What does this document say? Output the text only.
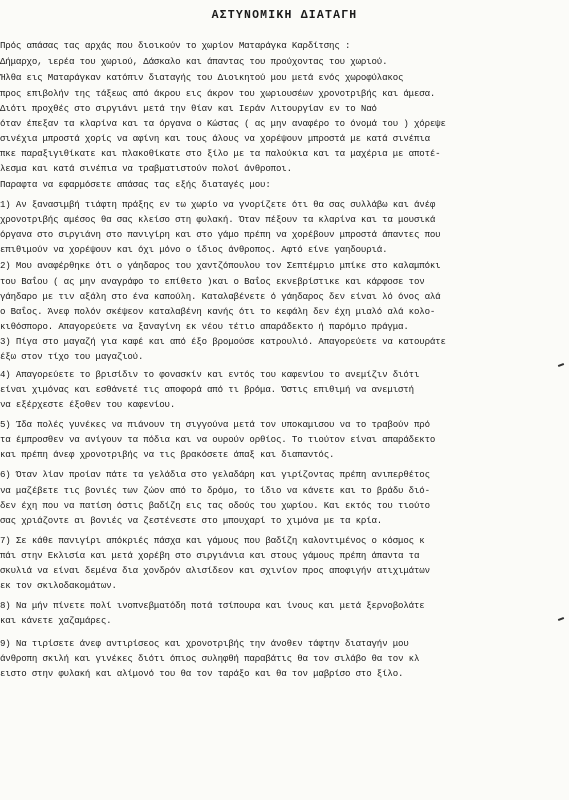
ΑΣΤΥΝΟΜΙΚΗ ΔΙΑΤΑΓΗ
Πρός απάσας τας αρχάς που διοικούν το χωρίον Ματαράγκα Καρδίτσης :
Δήμαρχο, ιερέα του χωριού, Δάσκαλο και άπαντας του προύχοντας του χωριού.
Ήλθα εις Ματαράγκαν κατόπιν διαταγής του Διοικητού μου μετά ενός χωροφύλακος
προς επιβολήν της τάξεως από άκρου εις άκρον του χωριουσέων χρονοτριβής και άμεσα.
Διότι προχθές στο σιργιάνι μετά την θίαν και Ιεράν Λιτουργίαν εν το Ναό
όταν έπεξαν τα κλαρίνα και τα όργανα ο Κώστας ( ας μην αναφέρο το όνομά του ) χόρεψε
σινέχια μπροστά χορίς να αφίνη και τους άλους να χορέψουν μπροστά με κατά σινέπια
πκε παραξιγιθίκατε και πλακοθίκατε στο ξίλο με τα παλούκια και τα μαχέρια με αποτέ-
λεσμα και κατά σινέπια να τραβματιστούν πολοί άνθροποι.
Παραφτα να εφαρμόσετε απάσας τας εξής διαταγές μου:
1) Αν ξανασιμβή τιάφτη πράξης εν τω χωρίο να γνορίζετε ότι θα σας συλλάβω και άνέφ
χρονοτριβής αμέσος θα σας κλείσο στη φυλακή. Όταν πέξουν τα κλαρίνα και τα μουσικά
όργανα στο σιργιάνη στο πανιγίρη και στο γάμο πρέπη να χορέβουν μπροστά άπαντες που
επιθιμούν να χορέψουν και όχι μόνο ο ίδιος άνθροπος. Αφτό είνε γαηδουριά.
2) Μου αναφέρθηκε ότι ο γάηδαρος του χαντζόπουλου τον Σεπτέμριο μπίκε στο καλαμπόκι
του Βαΐου ( ας μην αναγράφο το επίθετο )και ο Βαΐος εκνεβρίστικε και κάρφοσε τον
γάηδαρο με τιν αξάλη στο ένα καπούλη. Καταλαβένετε ό γάηδαρος δεν είναι λό όνος αλά
ο Βαΐος. Άνεφ πολόν σκέψεον καταλαβένη κανής ότι το κεφάλη δεν έχη μιαλό αλά κολο-
κιθόσπορο. Απαγορεύετε να ξαναγίνη εκ νέου τέτιο απαράδεκτο ή παρόμιο πράγμα.
3) Πίγα στο μαγαζή για καφέ και από έξο βρομούσε κατρουλιό. Απαγορεύετε να κατουράτε
έξω στον τίχο του μαγαζιού.
4) Απαγορεύετε το βρισίδιν το φονασκίν και εντός του καφενίου το ανεμίζιν διότι
είναι χιμόνας και εσθάνετέ τις αποφορά από τι βρόμα. Όστις επιθιμή να ανεμιστή
να εξέρχεστε έξοθεν του καφενίου.
5) Ίδα πολές γυνέκες να πιάνουν τη σιγγούνα μετά τον υποκαμισου να το τραβούν πρό
τα έμπροσθεν να ανίγουν τα πόδια και να ουρούν ορθίος. Το τιούτον είναι απαράδεκτο
και πρέπη άνεφ χρονοτριβής να τις βρακόσετε άπαξ και διαπαντός.
6) Όταν λίαν προίαν πάτε τα γελάδια στο γελαδάρη και γιρίζοντας πρέπη ανιπερθέτος
να μαζέβετε τις βονιές των ζώον από το δρόμο, το ίδιο να κάνετε και το βράδυ διό-
δεν έχη που να πατίση όστις βαδίζη εις τας οδούς του χωρίου. Και εκτός του τιούτο
σας χριάζοντε αι βονιές να ζεστένεστε στο μπουχαρί το χιμόνα με τα κρία.
7) Σε κάθε πανιγίρι απόκριές πάσχα και γάμους που βαδίζη καλοντιμένος ο κόσμος κ
πάι στην Εκλισία και μετά χορέβη στο σιργιάνια και στους γάμους πρέπη άπαντα τα
σκυλιά να είναι δεμένα δια χονδρόν αλισίδεον και σχινίον προς αποφιγήν ατιχιμάτων
εκ τον σκιλοδακομάτων.
8) Να μήν πίνετε πολί ινοπνεβματόδη ποτά τσίπουρα και ίνους και μετά ξερνοβολάτε
και κάνετε χαζαμάρες.
9) Να τιρίσετε άνεφ αντιρίσεος και χρονοτριβής την άνοθεν τάφτην διαταγήν μου
άνθροπη σκιλή και γινέκες διότι όπιος συληφθή παραβάτις θα τον σιλάβο θα τον κλ
ειστο στην φυλακή και αλίμονό του θα τον ταράξο και θα τον μαβρίσο στο ξίλο.
